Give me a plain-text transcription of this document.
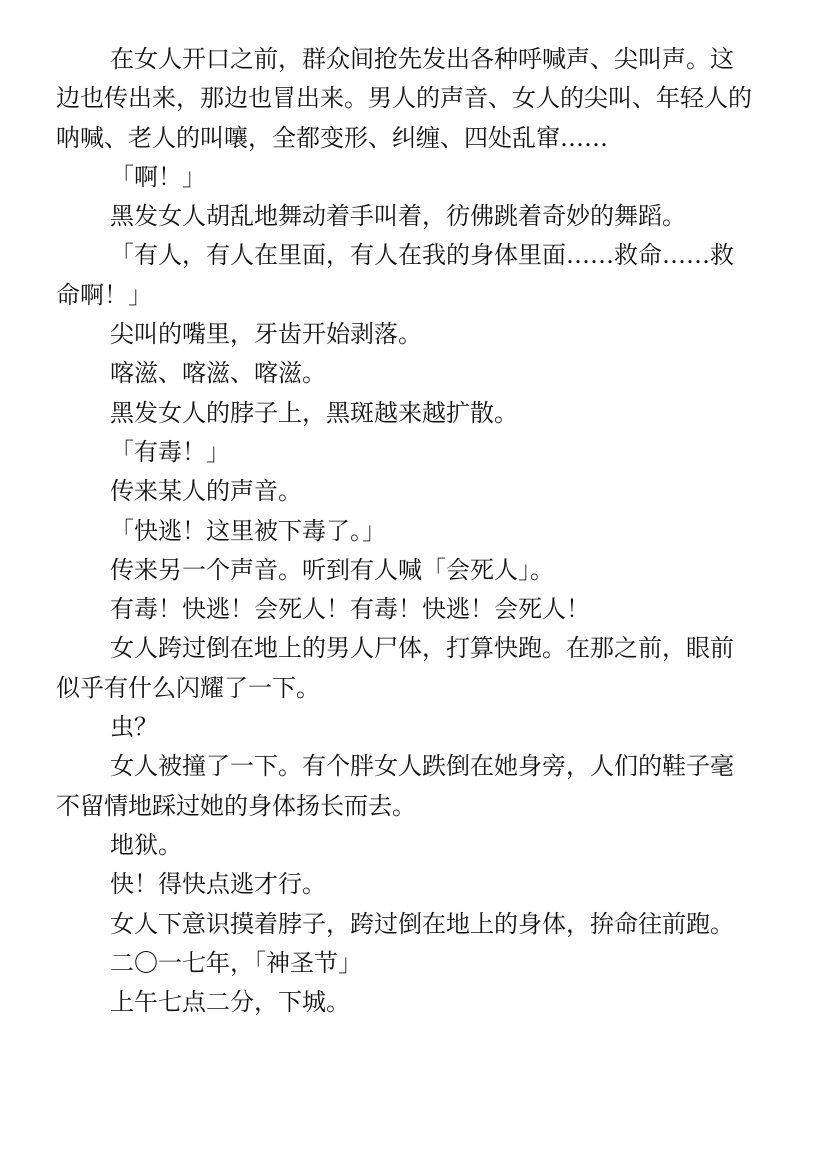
在女人开口之前，群众间抢先发出各种呼喊声、尖叫声。这边也传出来，那边也冒出来。男人的声音、女人的尖叫、年轻人的呐喊、老人的叫嚷，全都变形、纠缠、四处乱窜……

「啊！」

黑发女人胡乱地舞动着手叫着，彷佛跳着奇妙的舞蹈。

「有人，有人在里面，有人在我的身体里面……救命……救命啊！」

尖叫的嘴里，牙齿开始剥落。

喀滋、喀滋、喀滋。

黑发女人的脖子上，黑斑越来越扩散。

「有毒！」

传来某人的声音。

「快逃！这里被下毒了。」

传来另一个声音。听到有人喊「会死人」。

有毒！快逃！会死人！有毒！快逃！会死人！

女人跨过倒在地上的男人尸体，打算快跑。在那之前，眼前似乎有什么闪耀了一下。

虫？

女人被撞了一下。有个胖女人跌倒在她身旁，人们的鞋子毫不留情地踩过她的身体扬长而去。

地狱。

快！得快点逃才行。

女人下意识摸着脖子，跨过倒在地上的身体，拚命往前跑。

二〇一七年，「神圣节」

上午七点二分，下城。
